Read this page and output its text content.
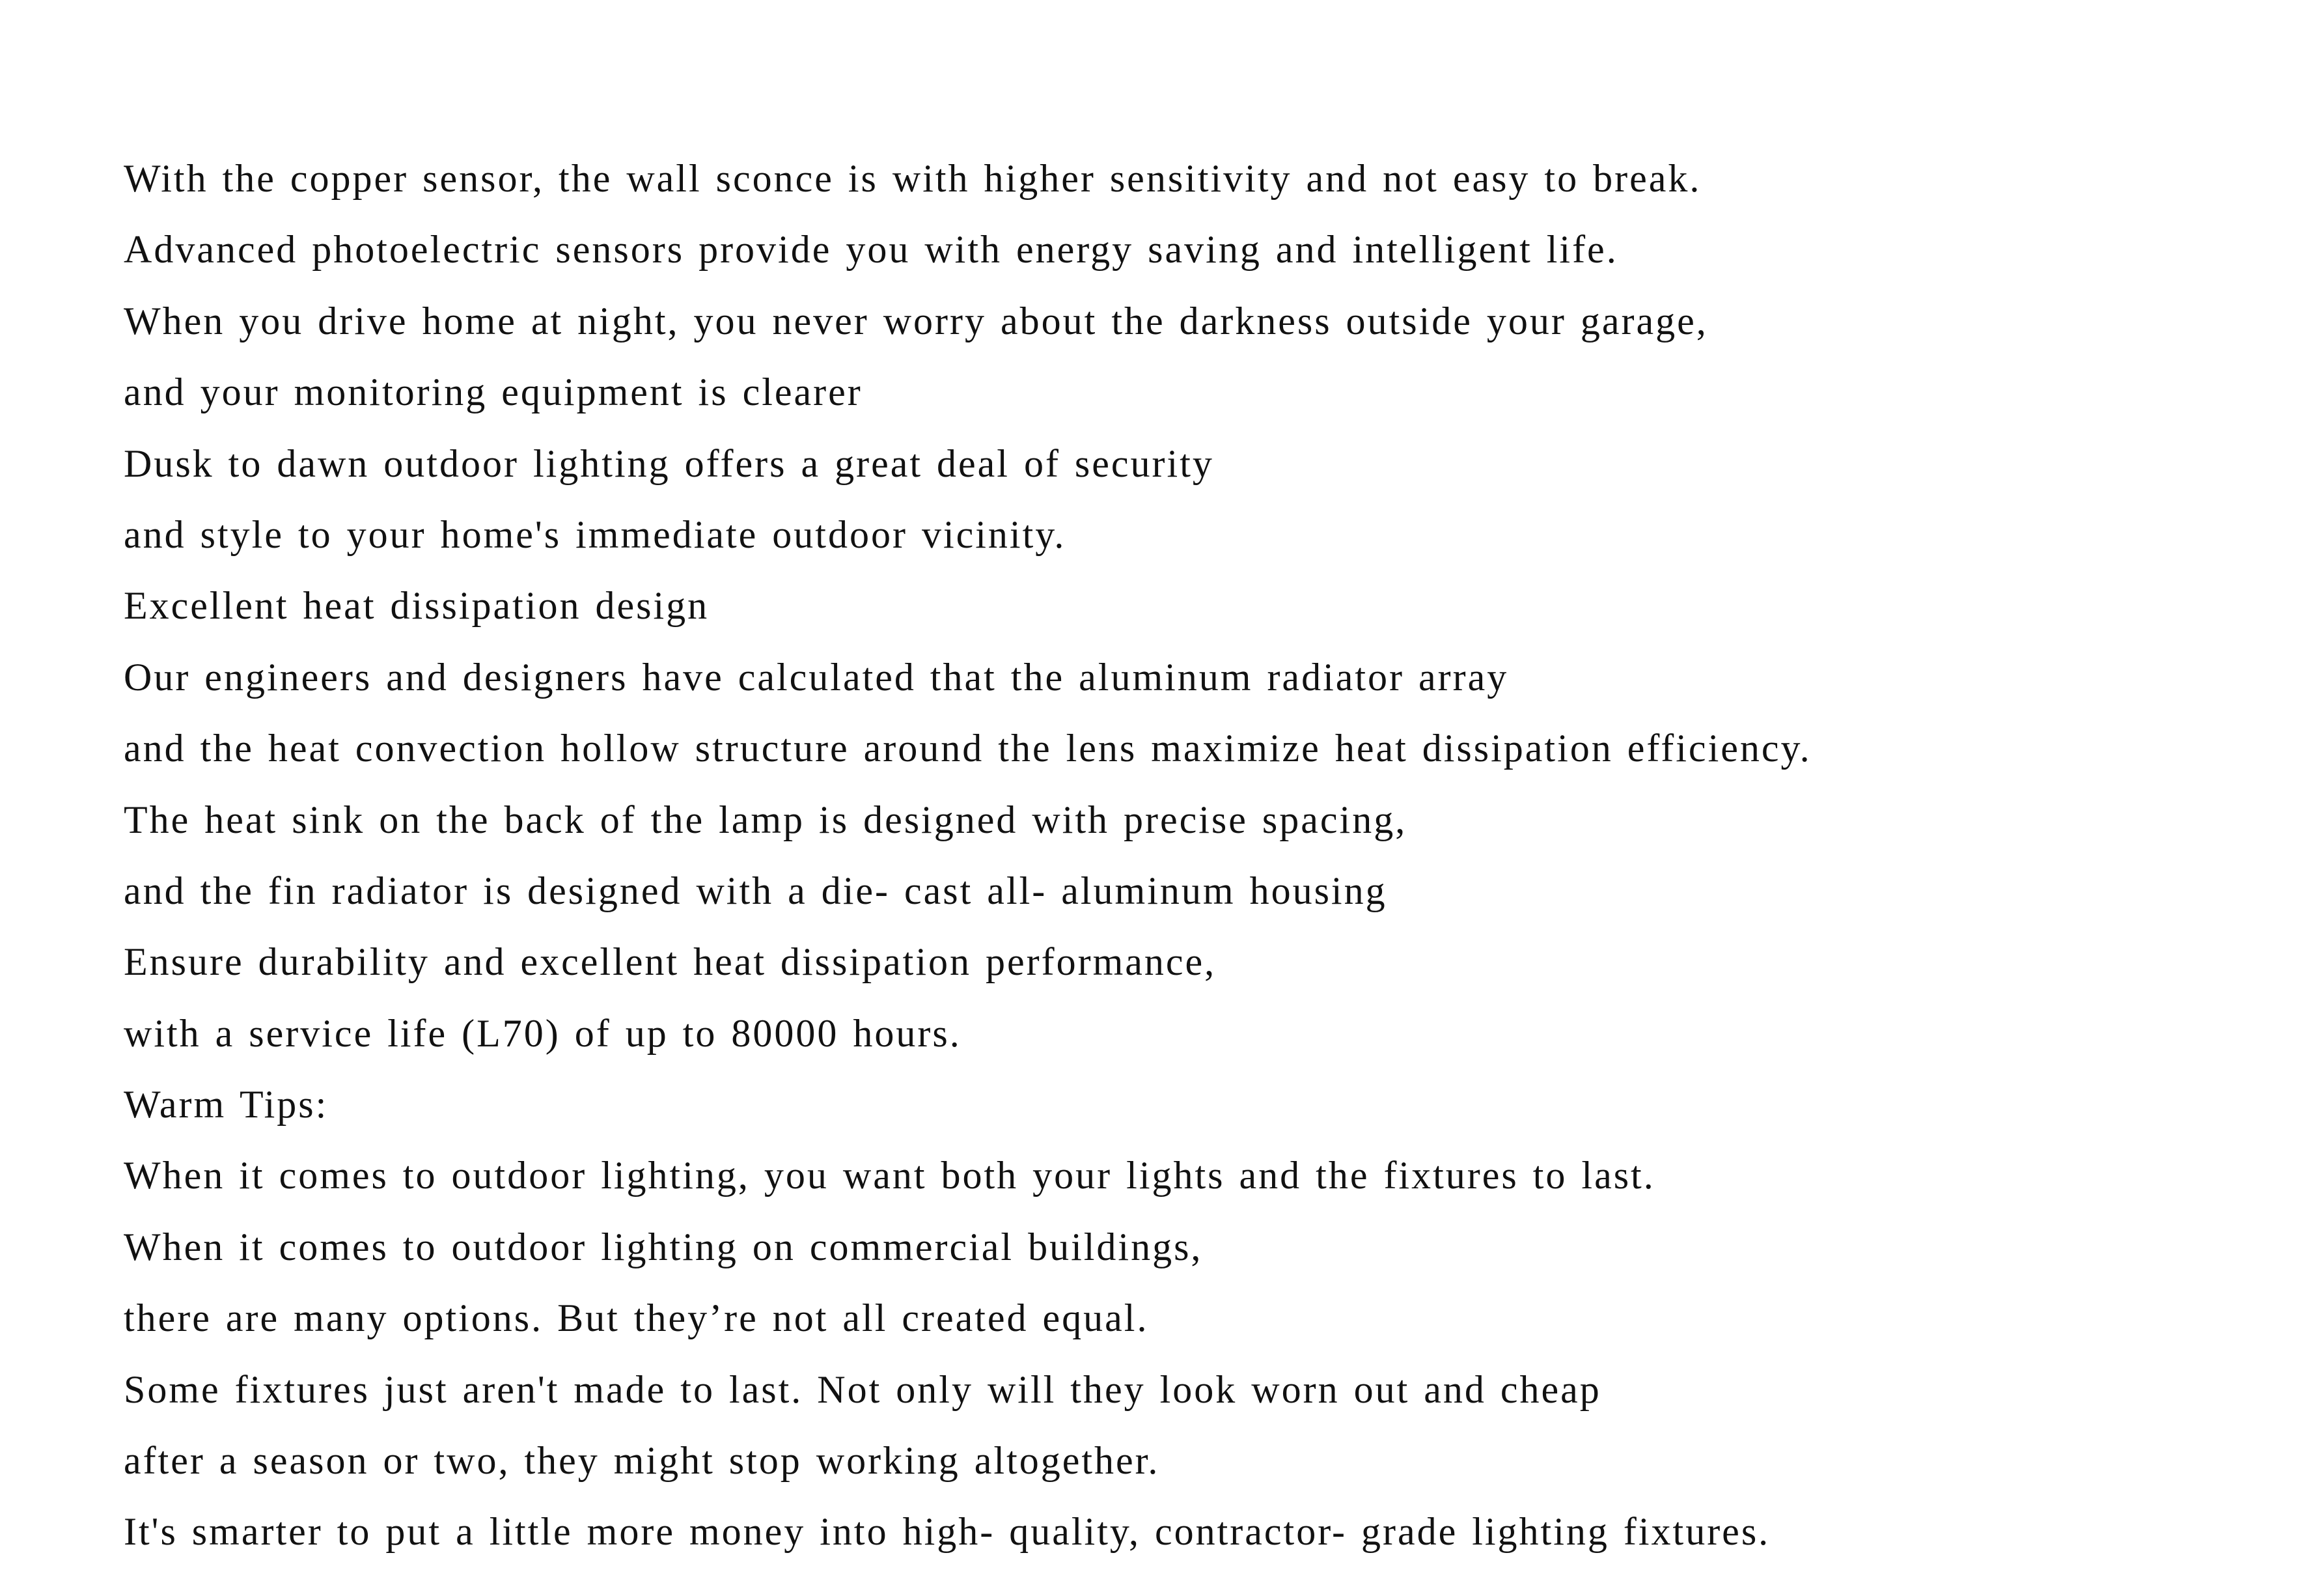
With the copper sensor, the wall sconce is with higher sensitivity and not easy to break.
Advanced photoelectric sensors provide you with energy saving and intelligent life.
When you drive home at night, you never worry about the darkness outside your garage,
and your monitoring equipment is clearer
Dusk to dawn outdoor lighting offers a great deal of security
and style to your home's immediate outdoor vicinity.
Excellent heat dissipation design
Our engineers and designers have calculated that the aluminum radiator array
and the heat convection hollow structure around the lens maximize heat dissipation efficiency.
The heat sink on the back of the lamp is designed with precise spacing,
and the fin radiator is designed with a die- cast all- aluminum housing
Ensure durability and excellent heat dissipation performance,
with a service life (L70) of up to 80000 hours.
Warm Tips:
When it comes to outdoor lighting, you want both your lights and the fixtures to last.
When it comes to outdoor lighting on commercial buildings,
there are many options. But they’re not all created equal.
Some fixtures just aren't made to last. Not only will they look worn out and cheap
after a season or two, they might stop working altogether.
It's smarter to put a little more money into high- quality, contractor- grade lighting fixtures.
